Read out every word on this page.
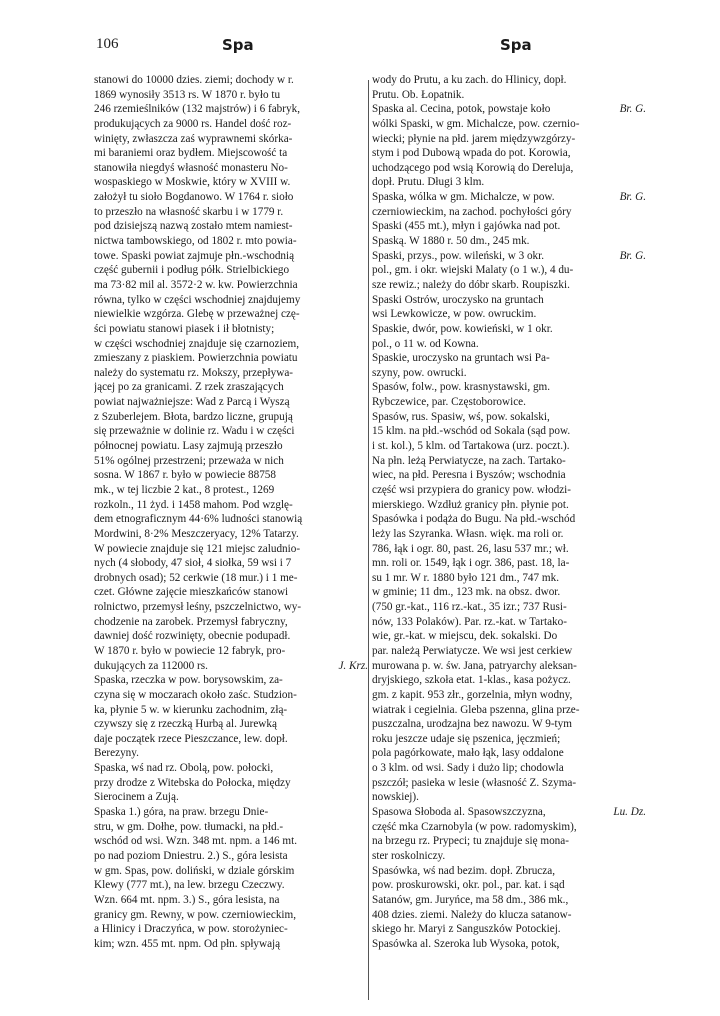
106	Spa	Spa
stanowi do 10000 dzies. ziemi; dochody w r.
1869 wynosiły 3513 rs. W 1870 r. było tu
246 rzemieślników (132 majstrów) i 6 fabryk,
produkujących za 9000 rs. Handel dość roz-
winięty, zwłaszcza zaś wyprawnemi skórka-
mi baraniemi oraz bydłem. Miejscowość ta
stanowiła niegdyś własność monasteru No-
wospaskiego w Moskwie, który w XVIII w.
założył tu sioło Bogdanowo. W 1764 r. sioło
to przeszło na własność skarbu i w 1779 r.
pod dzisiejszą nazwą zostało mtem namiest-
nictwa tambowskiego, od 1802 r. mto powia-
towe. Spaski powiat zajmuje płn.-wschodnią
część gubernii i podług półk. Strielbickiego
ma 73·82 mil al. 3572·2 w. kw. Powierzchnia
równa, tylko w części wschodniej znajdujemy
niewielkie wzgórza. Glebę w przeważnej czę-
ści powiatu stanowi piasek i ił błotnisty;
w części wschodniej znajduje się czarnoziem,
zmieszany z piaskiem. Powierzchnia powiatu
należy do systematu rz. Mokszy, przepływa-
jącej po za granicami. Z rzek zraszających
powiat najważniejsze: Wad z Parcą i Wyszą
z Szuberlejem. Błota, bardzo liczne, grupują
się przeważnie w dolinie rz. Wadu i w części
północnej powiatu. Lasy zajmują przeszło
51% ogólnej przestrzeni; przeważa w nich
sosna. W 1867 r. było w powiecie 88758
mk., w tej liczbie 2 kat., 8 protest., 1269
rozkoln., 11 żyd. i 1458 mahom. Pod wzglę-
dem etnograficznym 44·6% ludności stanowią
Mordwini, 8·2% Meszczeryacy, 12% Tatarzy.
W powiecie znajduje się 121 miejsc zaludnio-
nych (4 słobody, 47 sioł, 4 siołka, 59 wsi i 7
drobnych osad); 52 cerkwie (18 mur.) i 1 me-
czet. Główne zajęcie mieszkańców stanowi
rolnictwo, przemysł leśny, pszczelnictwo, wy-
chodzenie na zarobek. Przemysł fabryczny,
dawniej dość rozwinięty, obecnie podupadł.
W 1870 r. było w powiecie 12 fabryk, pro-
dukujących za 112000 rs.	J. Krz.
Spaska, rzeczka w pow. borysowskim, za-
czyna się w moczarach około zaśc. Studzion-
ka, płynie 5 w. w kierunku zachodnim, złą-
czywszy się z rzeczką Hurbą al. Jurewką
daje początek rzece Pieszczance, lew. dopł.
Berezyny.
Spaska, wś nad rz. Obolą, pow. połocki,
przy drodze z Witebska do Połocka, między
Sierocinem a Zują.
Spaska 1.) góra, na praw. brzegu Dnie-
stru, w gm. Dołhe, pow. tłumacki, na płd.-
wschód od wsi. Wzn. 348 mt. npm. a 146 mt.
po nad poziom Dniestru. 2.) S., góra lesista
w gm. Spas, pow. doliński, w dziale górskim
Klewy (777 mt.), na lew. brzegu Czeczwy.
Wzn. 664 mt. npm. 3.) S., góra lesista, na
granicy gm. Rewny, w pow. czerniowieckim,
a Hlinicy i Draczyńca, w pow. storożyniec-
kim; wzn. 455 mt. npm. Od płn. spływają
wody do Prutu, a ku zach. do Hlinicy, dopł.
Prutu. Ob. Łopatnik.
Spaska al. Cecina, potok, powstaje koło	Br. G.
wólki Spaski, w gm. Michalcze, pow. czernio-
wiecki; płynie na płd. jarem międzywzgórzy-
stym i pod Dubową wpada do pot. Korowia,
uchodzącego pod wsią Korowią do Dereluja,
dopł. Prutu. Długi 3 klm.
Spaska, wólka w gm. Michalcze, w pow.	Br. G.
czerniowieckim, na zachod. pochyłości góry
Spaski (455 mt.), młyn i gajówka nad pot.
Spaską. W 1880 r. 50 dm., 245 mk.
Spaski, przys., pow. wileński, w 3 okr.	Br. G.
pol., gm. i okr. wiejski Malaty (o 1 w.), 4 du-
sze rewiz.; należy do dóbr skarb. Roupiszki.
Spaski Ostrów, uroczysko na gruntach
wsi Lewkowicze, w pow. owruckim.
Spaskie, dwór, pow. kowieński, w 1 okr.
pol., o 11 w. od Kowna.
Spaskie, uroczysko na gruntach wsi Pa-
szyny, pow. owrucki.
Spasów, folw., pow. krasnystawski, gm.
Rybczewice, par. Częstoborowice.
Spasów, rus. Spasiw, wś, pow. sokalski,
15 klm. na płd.-wschód od Sokala (sąd pow.
i st. kol.), 5 klm. od Tartakowa (urz. poczt.).
Na płn. leżą Perwiatycze, na zach. Tartako-
wiec, na płd. Peresпа i Byszów; wschodnia
część wsi przypiera do granicy pow. włodzi-
mierskiego. Wzdłuż granicy płn. płynie pot.
Spasówka i podąża do Bugu. Na płd.-wschód
leży las Szyranka. Własn. więk. ma roli or.
786, łąk i ogr. 80, past. 26, lasu 537 mr.; wł.
mn. roli or. 1549, łąk i ogr. 386, past. 18, la-
su 1 mr. W r. 1880 było 121 dm., 747 mk.
w gminie; 11 dm., 123 mk. na obsz. dwor.
(750 gr.-kat., 116 rz.-kat., 35 izr.; 737 Rusi-
nów, 133 Polaków). Par. rz.-kat. w Tartako-
wie, gr.-kat. w miejscu, dek. sokalski. Do
par. należą Perwiatycze. We wsi jest cerkiew
murowana p. w. św. Jana, patryarchy aleksan-
dryjskiego, szkoła etat. 1-klas., kasa pożycz.
gm. z kapit. 953 złr., gorzelnia, młyn wodny,
wiatrak i cegielnia. Gleba pszenna, glina prze-
puszczalna, urodzajna bez nawozu. W 9-tym
roku jeszcze udaje się pszenica, jęczmień;
pola pagórkowate, mało łąk, lasy oddalone
o 3 klm. od wsi. Sady i dużo lip; chodowla
pszczół; pasieka w lesie (własność Z. Szyma-
nowskiej).
Spasowa Słoboda al. Spasowszczyzna,	Lu. Dz.
część mka Czarnobyla (w pow. radomyskim),
na brzegu rz. Prypeci; tu znajduje się mona-
ster roskolniczy.
Spasówka, wś nad bezim. dopł. Zbrucza,
pow. proskurowski, okr. pol., par. kat. i sąd
Satanów, gm. Juryńce, ma 58 dm., 386 mk.,
408 dzies. ziemi. Należy do klucza satanow-
skiego hr. Maryi z Sanguszków Potockiej.
Spasówka al. Szeroka lub Wysoka, potok,
